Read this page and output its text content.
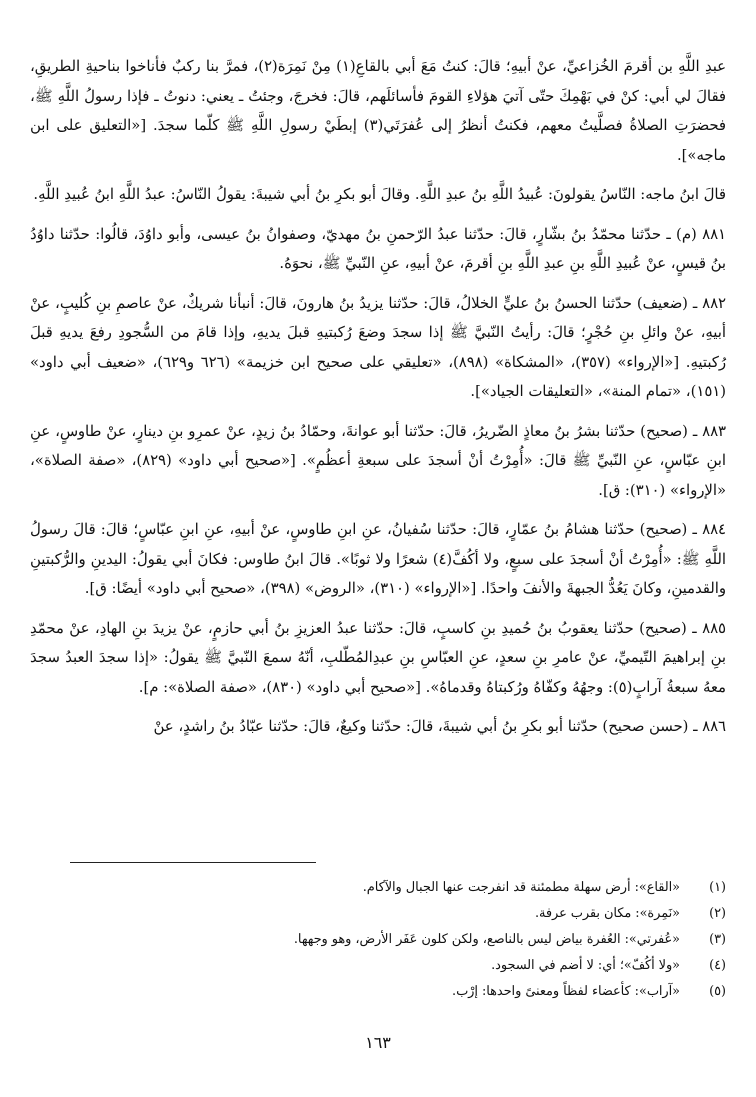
عبدِ اللَّهِ بن أقرمَ الخُزاعيِّ، عنْ أبيهِ؛ قالَ: كنتُ مَعَ أبي بالقاعِ(١) مِنْ نَمِرَة(٢)، فمرَّ بنا ركبٌ فأناخوا بناحيةِ الطريقِ، فقالَ لي أبي: كنْ في بَهْمِكَ حتّى آتيَ هؤلاءِ القومَ فأسائلَهم، قالَ: فخرجَ، وجئتُ ـ يعني: دنوتُ ـ فإذا رسولُ اللَّهِ ﷺ، فحضرَتِ الصلاةُ فصلَّيتُ معهم، فكنتُ أنظرُ إلى عُفرَتَي(٣) إبطَيْ رسولِ اللَّهِ ﷺ كلّما سجدَ. [«التعليق على ابن ماجه»].

قالَ ابنُ ماجه: النّاسُ يقولونَ: عُبيدُ اللَّهِ بنُ عبدِ اللَّهِ. وقالَ أبو بكرِ بنُ أبي شيبةَ: يقولُ النّاسُ: عبدُ اللَّهِ ابنُ عُبيدِ اللَّهِ.

٨٨١ (م) ـ حدّثنا محمّدُ بنُ بشّارٍ، قالَ: حدّثنا عبدُ الرّحمنِ بنُ مهديّ، وصفوانُ بنُ عيسى، وأبو داوُدَ، قالُوا: حدّثنا داوُدُ بنُ قيسٍ، عنْ عُبيدِ اللَّهِ بنِ عبدِ اللَّهِ بنِ أقرمَ، عنْ أبيهِ، عنِ النّبيِّ ﷺ، نحوَهُ.

٨٨٢ ـ (ضعيف) حدّثنا الحسنُ بنُ عليٍّ الخلالُ، قالَ: حدّثنا يزيدُ بنُ هارونَ، قالَ: أنبأنا شريكٌ، عنْ عاصمِ بنِ كُليبٍ، عنْ أبيهِ، عنْ وائلِ بنِ حُجْرٍ؛ قالَ: رأيتُ النّبيَّ ﷺ إذا سجدَ وضعَ رُكبتيهِ قبلَ يديهِ، وإذا قامَ من السُّجودِ رفعَ يديهِ قبلَ رُكبتيهِ. [«الإرواء» (٣٥٧)، «المشكاة» (٨٩٨)، «تعليقي على صحيح ابن خزيمة» (٦٢٦ و٦٢٩)، «ضعيف أبي داود» (١٥١)، «تمام المنة»، «التعليقات الجياد»].

٨٨٣ ـ (صحيح) حدّثنا بشرُ بنُ معاذٍ الضّريرُ، قالَ: حدّثنا أبو عوانةَ، وحمّادُ بنُ زيدٍ، عنْ عمرِو بنِ دينارٍ، عنْ طاوسٍ، عنِ ابنِ عبّاسٍ، عنِ النّبيِّ ﷺ قالَ: «أُمِرْتُ أنْ أسجدَ على سبعةِ أعظُمٍ». [«صحيح أبي داود» (٨٢٩)، «صفة الصلاة»، «الإرواء» (٣١٠): ق].

٨٨٤ ـ (صحيح) حدّثنا هشامُ بنُ عمّارٍ، قالَ: حدّثنا سُفيانُ، عنِ ابنِ طاوسٍ، عنْ أبيهِ، عنِ ابنِ عبّاسٍ؛ قالَ: قالَ رسولُ اللَّهِ ﷺ: «أُمِرْتُ أنْ أسجدَ على سبعٍ، ولا أكُفَّ(٤) شعرًا ولا ثوبًا». قالَ ابنُ طاوس: فكانَ أبي يقولُ: اليدينِ والرُّكبتينِ والقدمينِ، وكانَ يَعُدُّ الجبهةَ والأنفَ واحدًا. [«الإرواء» (٣١٠)، «الروض» (٣٩٨)، «صحيح أبي داود» أيضًا: ق].

٨٨٥ ـ (صحيح) حدّثنا يعقوبُ بنُ حُميدِ بنِ كاسبٍ، قالَ: حدّثنا عبدُ العزيزِ بنُ أبي حازمٍ، عنْ يزيدَ بنِ الهادِ، عنْ محمّدِ بنِ إبراهيمَ التّيميِّ، عنْ عامرِ بنِ سعدٍ، عنِ العبّاسِ بنِ عبدِالمُطّلبِ، أنّهُ سمعَ النّبيَّ ﷺ يقولُ: «إذا سجدَ العبدُ سجدَ معهُ سبعةُ آرابٍ(٥): وجهُهُ وكفّاهُ ورُكبتاهُ وقدماهُ». [«صحيح أبي داود» (٨٣٠)، «صفة الصلاة»: م].

٨٨٦ ـ (حسن صحيح) حدّثنا أبو بكرِ بنُ أبي شيبةَ، قالَ: حدّثنا وكيعٌ، قالَ: حدّثنا عبّادُ بنُ راشدٍ، عنْ

(١)
«القاع»: أرض سهلة مطمئنة قد انفرجت عنها الجبال والآكام.
(٢)
«نَمِرة»: مكان بقرب عرفة.
(٣)
«عُفرتي»: العُفرة بياض ليس بالناصع، ولكن كلون عَفَر الأرض، وهو وجهها.
(٤)
«ولا أكُفّ»؛ أي: لا أضم في السجود.
(٥)
«آراب»: كأعضاء لفظاً ومعنىً واحدها: إرْب.
١٦٣
